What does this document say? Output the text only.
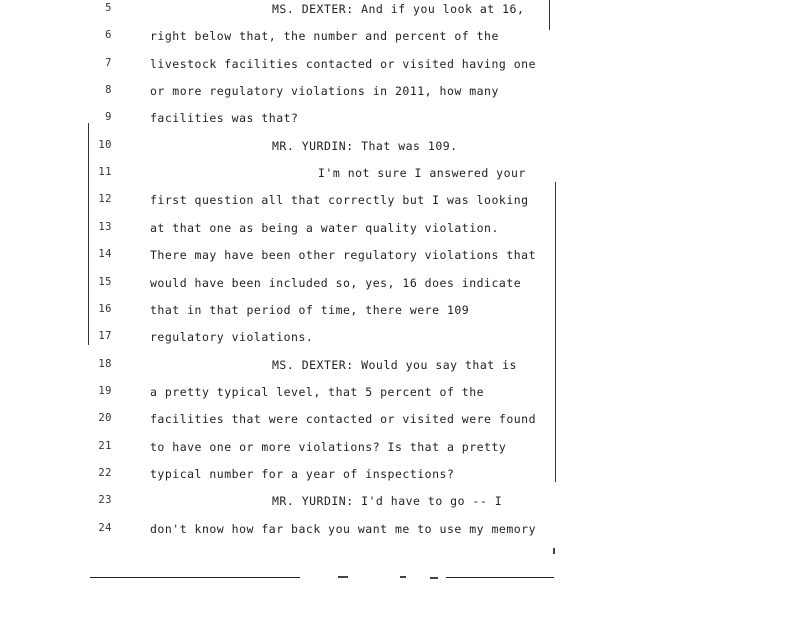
5	MS. DEXTER: And if you look at 16,
6	right below that, the number and percent of the
7	livestock facilities contacted or visited having one
8	or more regulatory violations in 2011, how many
9	facilities was that?
10	MR. YURDIN: That was 109.
11	I'm not sure I answered your
12	first question all that correctly but I was looking
13	at that one as being a water quality violation.
14	There may have been other regulatory violations that
15	would have been included so, yes, 16 does indicate
16	that in that period of time, there were 109
17	regulatory violations.
18	MS. DEXTER: Would you say that is
19	a pretty typical level, that 5 percent of the
20	facilities that were contacted or visited were found
21	to have one or more violations? Is that a pretty
22	typical number for a year of inspections?
23	MR. YURDIN: I'd have to go -- I
24	don't know how far back you want me to use my memory
